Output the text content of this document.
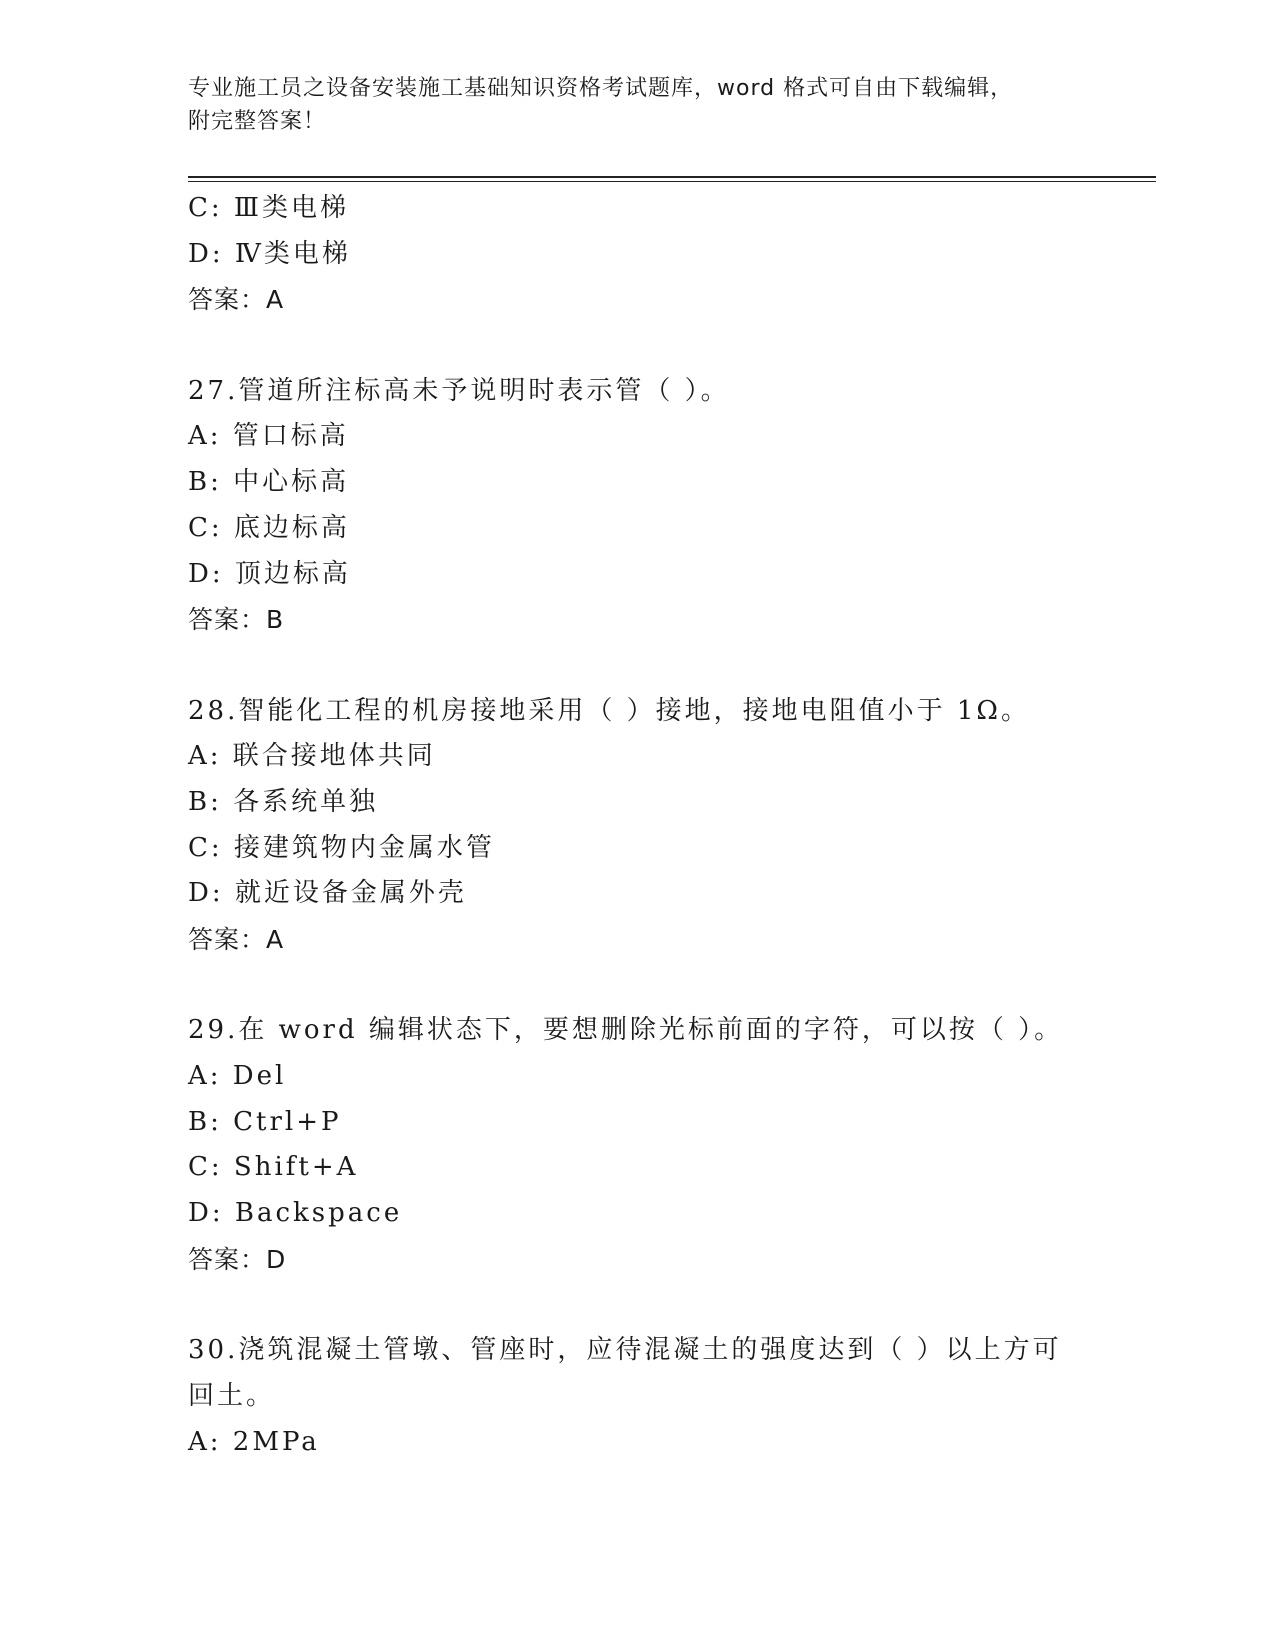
专业施工员之设备安装施工基础知识资格考试题库，word 格式可自由下载编辑，
附完整答案！
C: Ⅲ类电梯
D: Ⅳ类电梯
答案：A
27.管道所注标高未予说明时表示管（ ）。
A: 管口标高
B: 中心标高
C: 底边标高
D: 顶边标高
答案：B
28.智能化工程的机房接地采用（ ）接地，接地电阻值小于 1Ω。
A: 联合接地体共同
B: 各系统单独
C: 接建筑物内金属水管
D: 就近设备金属外壳
答案：A
29.在 word 编辑状态下，要想删除光标前面的字符，可以按（ ）。
A: Del
B: Ctrl+P
C: Shift+A
D: Backspace
答案：D
30.浇筑混凝土管墩、管座时，应待混凝土的强度达到（ ）以上方可
回土。
A: 2MPa
